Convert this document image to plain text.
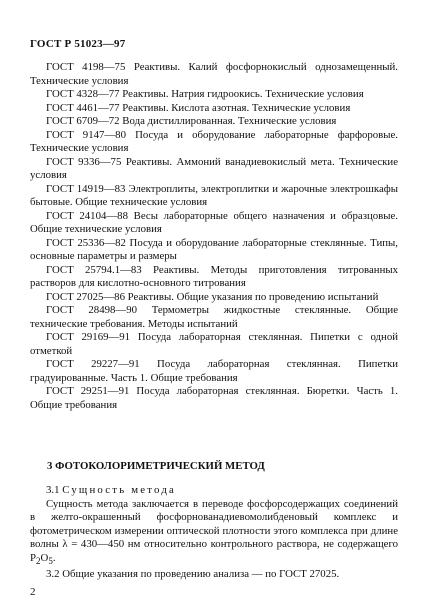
ГОСТ Р 51023—97

ГОСТ 4198—75 Реактивы. Калий фосфорнокислый однозамещенный. Технические условия

ГОСТ 4328—77 Реактивы. Натрия гидроокись. Технические условия

ГОСТ 4461—77 Реактивы. Кислота азотная. Технические условия

ГОСТ 6709—72 Вода дистиллированная. Технические условия

ГОСТ 9147—80 Посуда и оборудование лабораторные фарфоровые. Технические условия

ГОСТ 9336—75 Реактивы. Аммоний ванадиевокислый мета. Технические условия

ГОСТ 14919—83 Электроплиты, электроплитки и жарочные электрошкафы бытовые. Общие технические условия

ГОСТ 24104—88 Весы лабораторные общего назначения и образцовые. Общие технические условия

ГОСТ 25336—82 Посуда и оборудование лабораторные стеклянные. Типы, основные параметры и размеры

ГОСТ 25794.1—83 Реактивы. Методы приготовления титрованных растворов для кислотно-основного титрования

ГОСТ 27025—86 Реактивы. Общие указания по проведению испытаний

ГОСТ 28498—90 Термометры жидкостные стеклянные. Общие технические требования. Методы испытаний

ГОСТ 29169—91 Посуда лабораторная стеклянная. Пипетки с одной отметкой

ГОСТ 29227—91 Посуда лабораторная стеклянная. Пипетки градуированные. Часть 1. Общие требования

ГОСТ 29251—91 Посуда лабораторная стеклянная. Бюретки. Часть 1. Общие требования

3 ФОТОКОЛОРИМЕТРИЧЕСКИЙ МЕТОД

3.1 Сущность метода

Сущность метода заключается в переводе фосфорсодержащих соединений в желто-окрашенный фосфорнованадиевомолибденовый комплекс и фотометрическом измерении оптической плотности этого комплекса при длине волны λ = 430—450 нм относительно контрольного раствора, не содержащего $P_2O_5$.

3.2 Общие указания по проведению анализа — по ГОСТ 27025.

2
